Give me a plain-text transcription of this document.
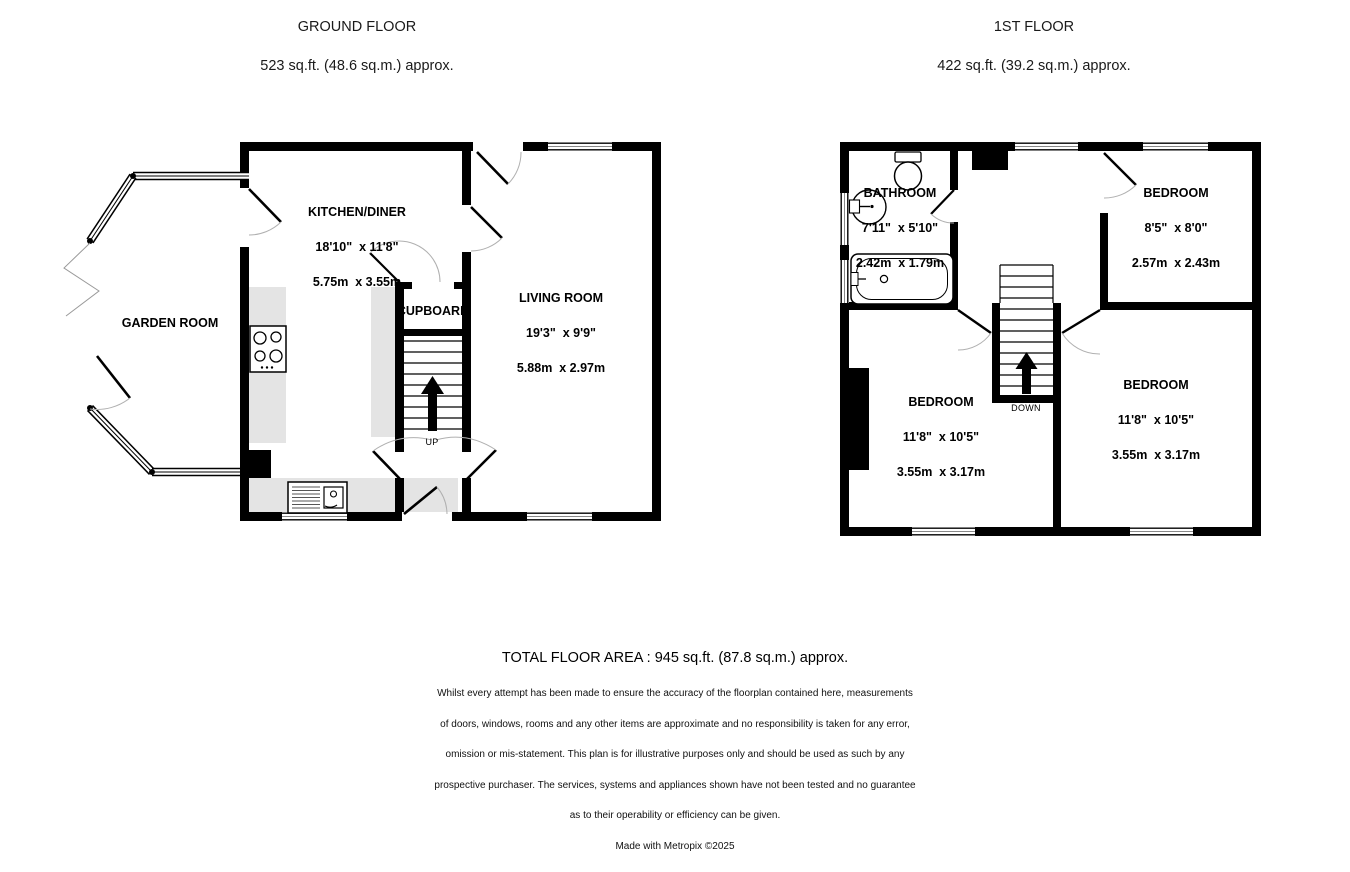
GROUND FLOOR

523 sq.ft. (48.6 sq.m.) approx.

1ST FLOOR

422 sq.ft. (39.2 sq.m.) approx.

KITCHEN/DINER

18'10"  x 11'8"

5.75m  x 3.55m

GARDEN ROOM

CUPBOARD

LIVING ROOM

19'3"  x 9'9"

5.88m  x 2.97m

UP

BATHROOM

7'11"  x 5'10"

2.42m  x 1.79m

BEDROOM

8'5"  x 8'0"

2.57m  x 2.43m

BEDROOM

11'8"  x 10'5"

3.55m  x 3.17m

BEDROOM

11'8"  x 10'5"

3.55m  x 3.17m

DOWN
TOTAL FLOOR AREA : 945 sq.ft. (87.8 sq.m.) approx.

Whilst every attempt has been made to ensure the accuracy of the floorplan contained here, measurements

of doors, windows, rooms and any other items are approximate and no responsibility is taken for any error,

omission or mis-statement. This plan is for illustrative purposes only and should be used as such by any

prospective purchaser. The services, systems and appliances shown have not been tested and no guarantee

as to their operability or efficiency can be given.

Made with Metropix ©2025
